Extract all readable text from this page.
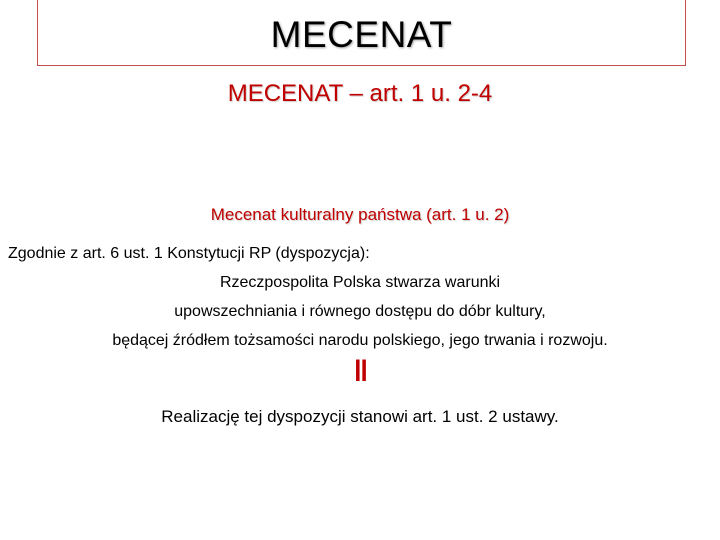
MECENAT
MECENAT – art. 1 u. 2-4
Mecenat kulturalny państwa (art. 1 u. 2)
Zgodnie z art. 6 ust. 1 Konstytucji RP (dyspozycja):
Rzeczpospolita Polska stwarza warunki
upowszechniania i równego dostępu do dóbr kultury,
będącej źródłem tożsamości narodu polskiego, jego trwania i rozwoju.
‖
Realizację tej dyspozycji stanowi art. 1 ust. 2 ustawy.
